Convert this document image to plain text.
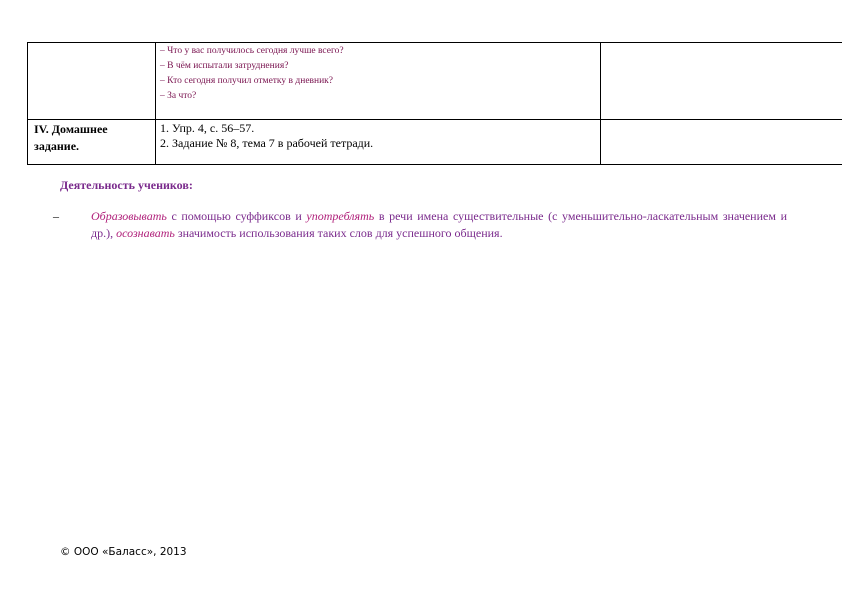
	– Что у вас получилось сегодня лучше всего?
– В чём испытали затруднения?
– Кто сегодня получил отметку в дневник?
– За что?	

IV. Домашнее
задание.	1. Упр. 4, с. 56–57.
2. Задание № 8, тема 7 в рабочей тетради.	

Деятельность учеников:
–	Образовывать с помощью суффиксов и употреблять в речи имена существительные (с уменьшительно-ласкательным значением и др.), осознавать значимость использования таких слов для успешного общения.
© ООО «Баласс», 2013
